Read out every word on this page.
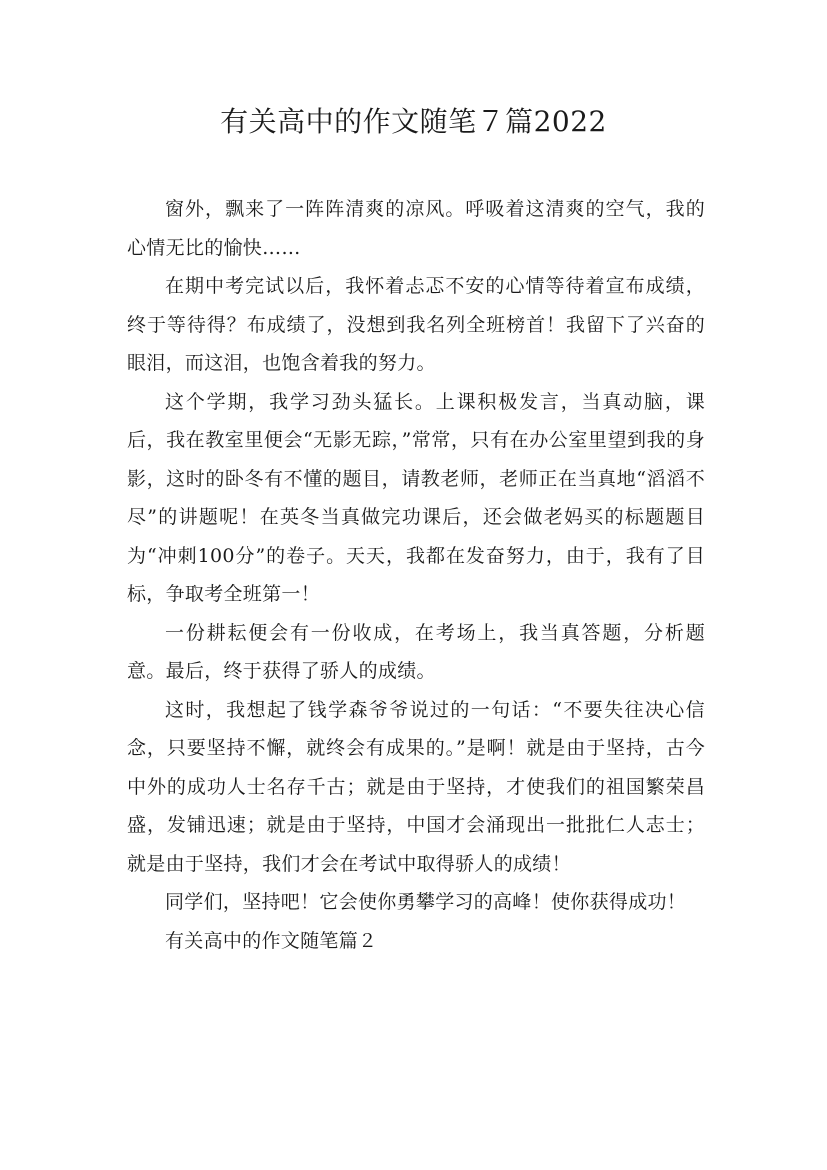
有关高中的作文随笔７篇2022

窗外，飘来了一阵阵清爽的凉风。呼吸着这清爽的空气，我的心情无比的愉快……

在期中考完试以后，我怀着忐忑不安的心情等待着宣布成绩，终于等待得？布成绩了，没想到我名列全班榜首！我留下了兴奋的眼泪，而这泪，也饱含着我的努力。

这个学期，我学习劲头猛长。上课积极发言，当真动脑，课后，我在教室里便会“无影无踪，”常常，只有在办公室里望到我的身影，这时的卧冬有不懂的题目，请教老师，老师正在当真地“滔滔不尽”的讲题呢！在英冬当真做完功课后，还会做老妈买的标题题目为“冲刺100分”的卷子。天天，我都在发奋努力，由于，我有了目标，争取考全班第一！

一份耕耘便会有一份收成，在考场上，我当真答题，分析题意。最后，终于获得了骄人的成绩。

这时，我想起了钱学森爷爷说过的一句话：“不要失往决心信念，只要坚持不懈，就终会有成果的。”是啊！就是由于坚持，古今中外的成功人士名存千古；就是由于坚持，才使我们的祖国繁荣昌盛，发铺迅速；就是由于坚持，中国才会涌现出一批批仁人志士；就是由于坚持，我们才会在考试中取得骄人的成绩！

同学们，坚持吧！它会使你勇攀学习的高峰！使你获得成功！

有关高中的作文随笔篇２
